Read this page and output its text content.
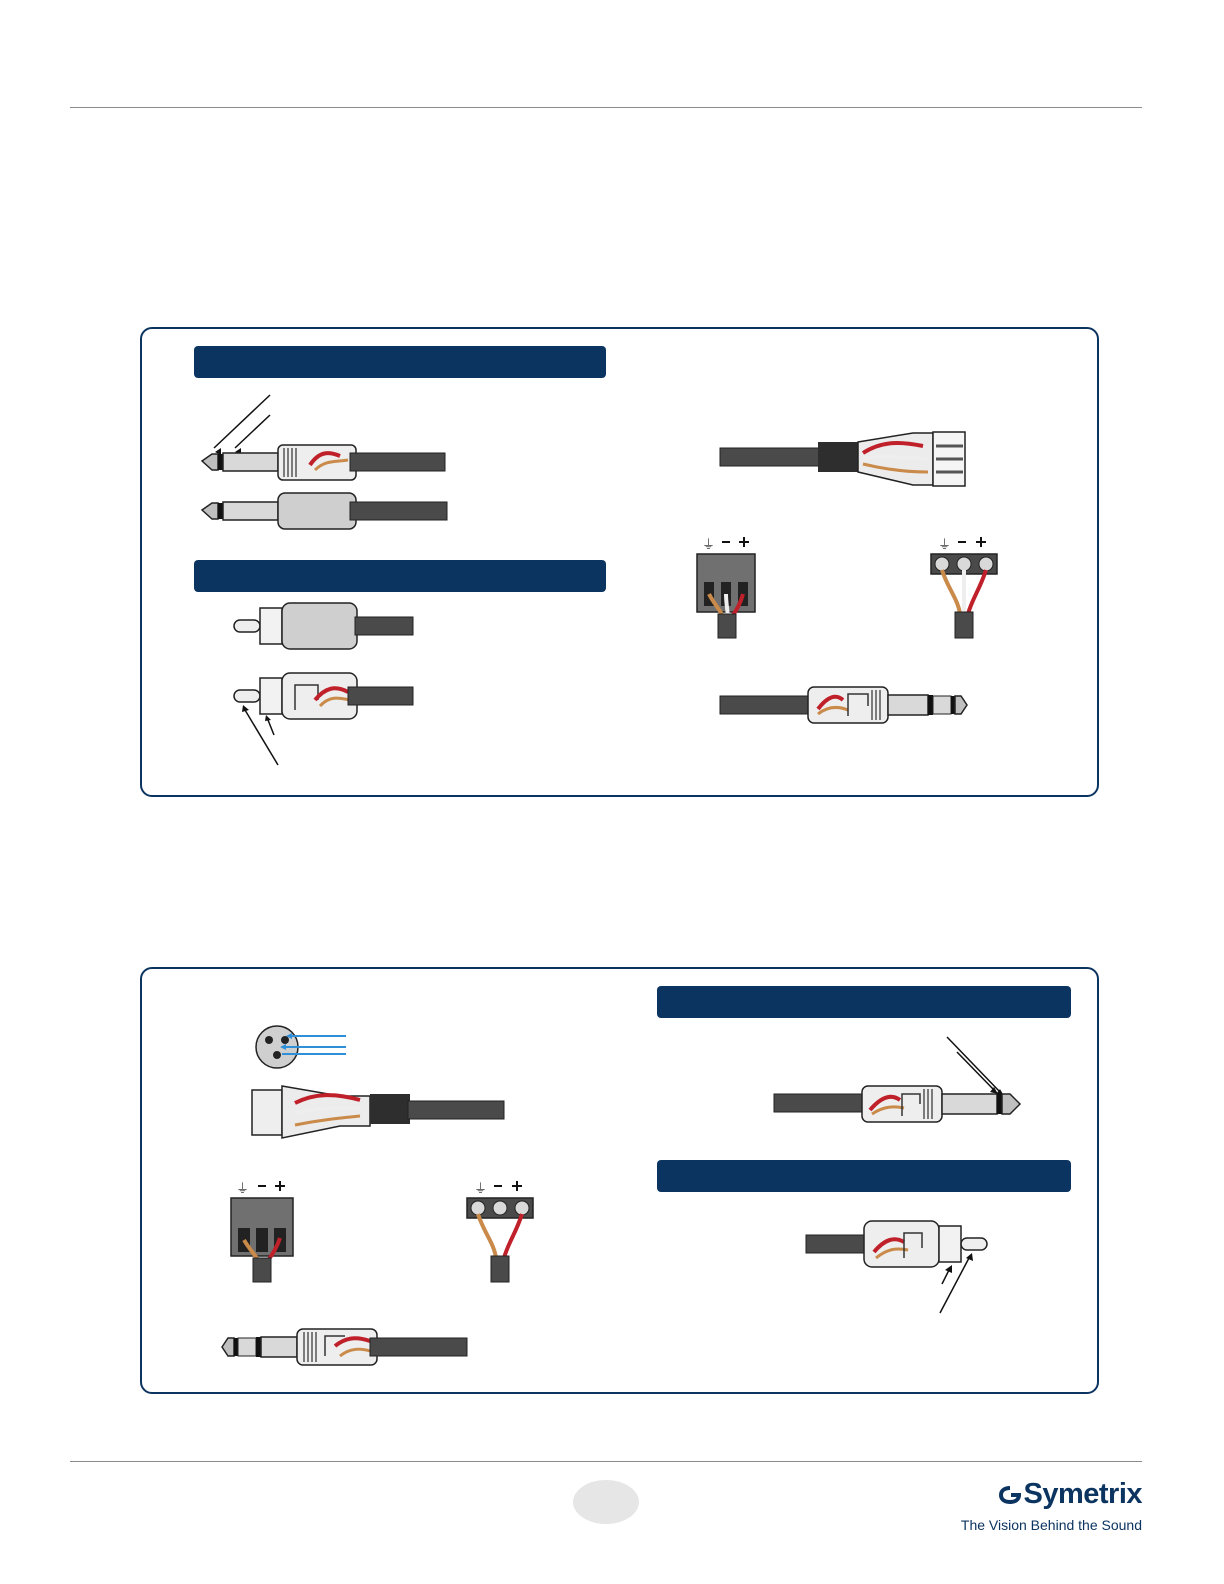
⏚	⏚
⏚	⏚
Symetrix
The Vision Behind the Sound
